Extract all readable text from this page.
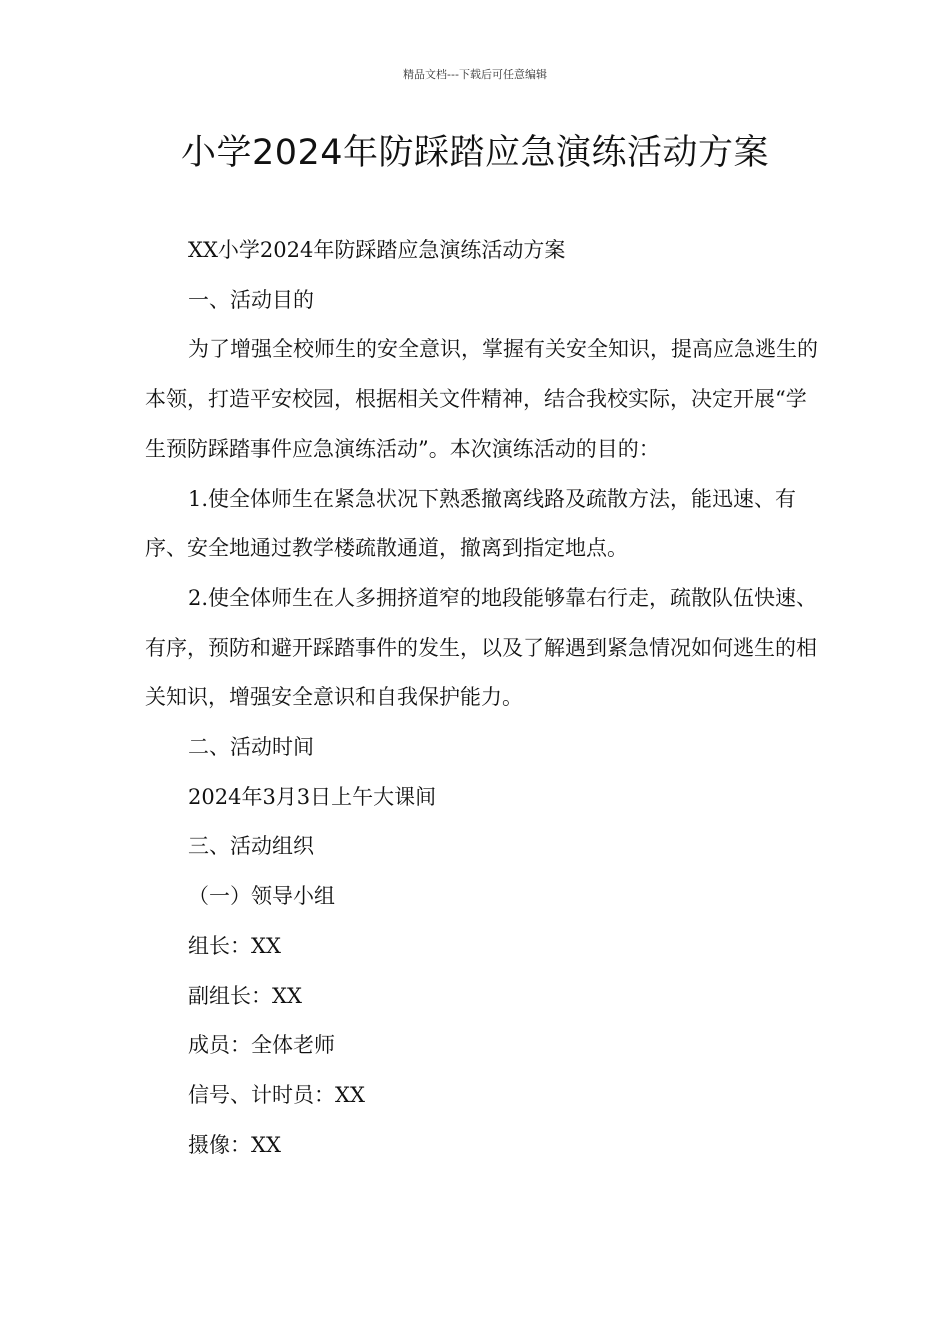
精品文档---下载后可任意编辑
小学2024年防踩踏应急演练活动方案

XX小学2024年防踩踏应急演练活动方案

一、活动目的

为了增强全校师生的安全意识，掌握有关安全知识，提高应急逃生的本领，打造平安校园，根据相关文件精神，结合我校实际，决定开展“学生预防踩踏事件应急演练活动”。本次演练活动的目的：

1.使全体师生在紧急状况下熟悉撤离线路及疏散方法，能迅速、有序、安全地通过教学楼疏散通道，撤离到指定地点。

2.使全体师生在人多拥挤道窄的地段能够靠右行走，疏散队伍快速、有序，预防和避开踩踏事件的发生，以及了解遇到紧急情况如何逃生的相关知识，增强安全意识和自我保护能力。

二、活动时间

2024年3月3日上午大课间

三、活动组织

（一）领导小组

组长：XX

副组长：XX

成员：全体老师

信号、计时员：XX

摄像：XX
